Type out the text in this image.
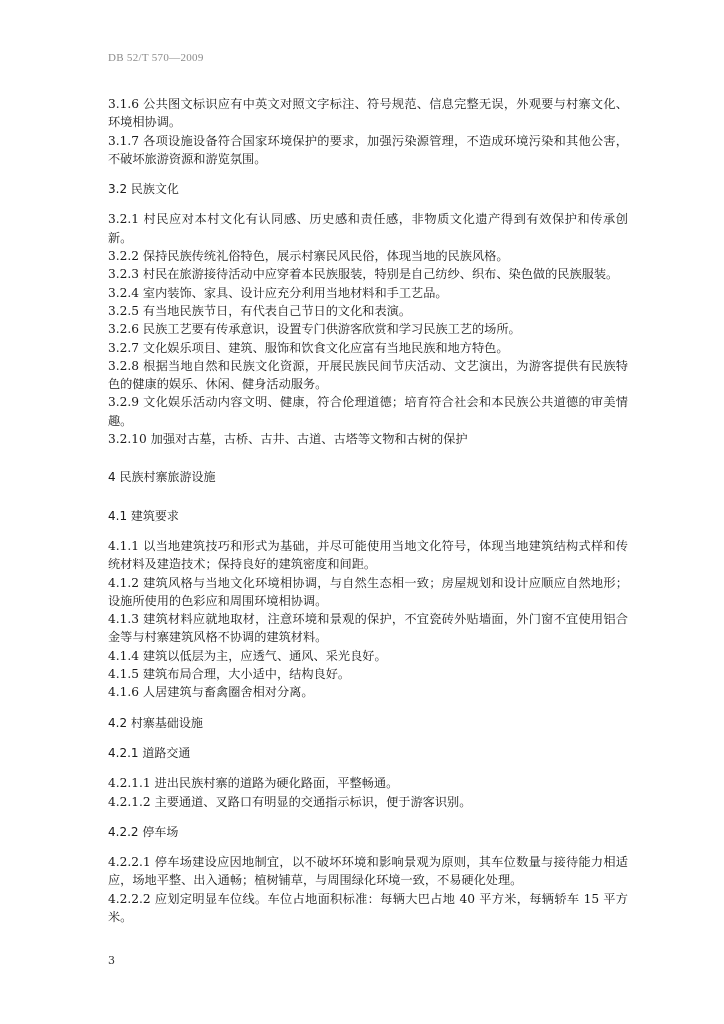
DB 52/T 570—2009

3.1.6 公共图文标识应有中英文对照文字标注、符号规范、信息完整无误，外观要与村寨文化、环境相协调。

3.1.7 各项设施设备符合国家环境保护的要求，加强污染源管理，不造成环境污染和其他公害，不破坏旅游资源和游览氛围。

3.2 民族文化

3.2.1 村民应对本村文化有认同感、历史感和责任感，非物质文化遗产得到有效保护和传承创新。

3.2.2 保持民族传统礼俗特色，展示村寨民风民俗，体现当地的民族风格。

3.2.3 村民在旅游接待活动中应穿着本民族服装，特别是自己纺纱、织布、染色做的民族服装。

3.2.4 室内装饰、家具、设计应充分利用当地材料和手工艺品。

3.2.5 有当地民族节日，有代表自己节日的文化和表演。

3.2.6 民族工艺要有传承意识，设置专门供游客欣赏和学习民族工艺的场所。

3.2.7 文化娱乐项目、建筑、服饰和饮食文化应富有当地民族和地方特色。

3.2.8 根据当地自然和民族文化资源，开展民族民间节庆活动、文艺演出，为游客提供有民族特色的健康的娱乐、休闲、健身活动服务。

3.2.9 文化娱乐活动内容文明、健康，符合伦理道德；培育符合社会和本民族公共道德的审美情趣。

3.2.10 加强对古墓，古桥、古井、古道、古塔等文物和古树的保护

4 民族村寨旅游设施

4.1 建筑要求

4.1.1 以当地建筑技巧和形式为基础，并尽可能使用当地文化符号，体现当地建筑结构式样和传统材料及建造技术；保持良好的建筑密度和间距。

4.1.2 建筑风格与当地文化环境相协调，与自然生态相一致；房屋规划和设计应顺应自然地形；设施所使用的色彩应和周围环境相协调。

4.1.3 建筑材料应就地取材，注意环境和景观的保护，不宜瓷砖外贴墙面，外门窗不宜使用铝合金等与村寨建筑风格不协调的建筑材料。

4.1.4 建筑以低层为主，应透气、通风、采光良好。

4.1.5 建筑布局合理，大小适中，结构良好。

4.1.6 人居建筑与畜禽圈舍相对分离。

4.2 村寨基础设施

4.2.1 道路交通

4.2.1.1 进出民族村寨的道路为硬化路面，平整畅通。

4.2.1.2 主要通道、叉路口有明显的交通指示标识，便于游客识别。

4.2.2 停车场

4.2.2.1 停车场建设应因地制宜，以不破坏环境和影响景观为原则，其车位数量与接待能力相适应，场地平整、出入通畅；植树铺草，与周围绿化环境一致，不易硬化处理。

4.2.2.2 应划定明显车位线。车位占地面积标准：每辆大巴占地 40 平方米，每辆轿车 15 平方米。

3
